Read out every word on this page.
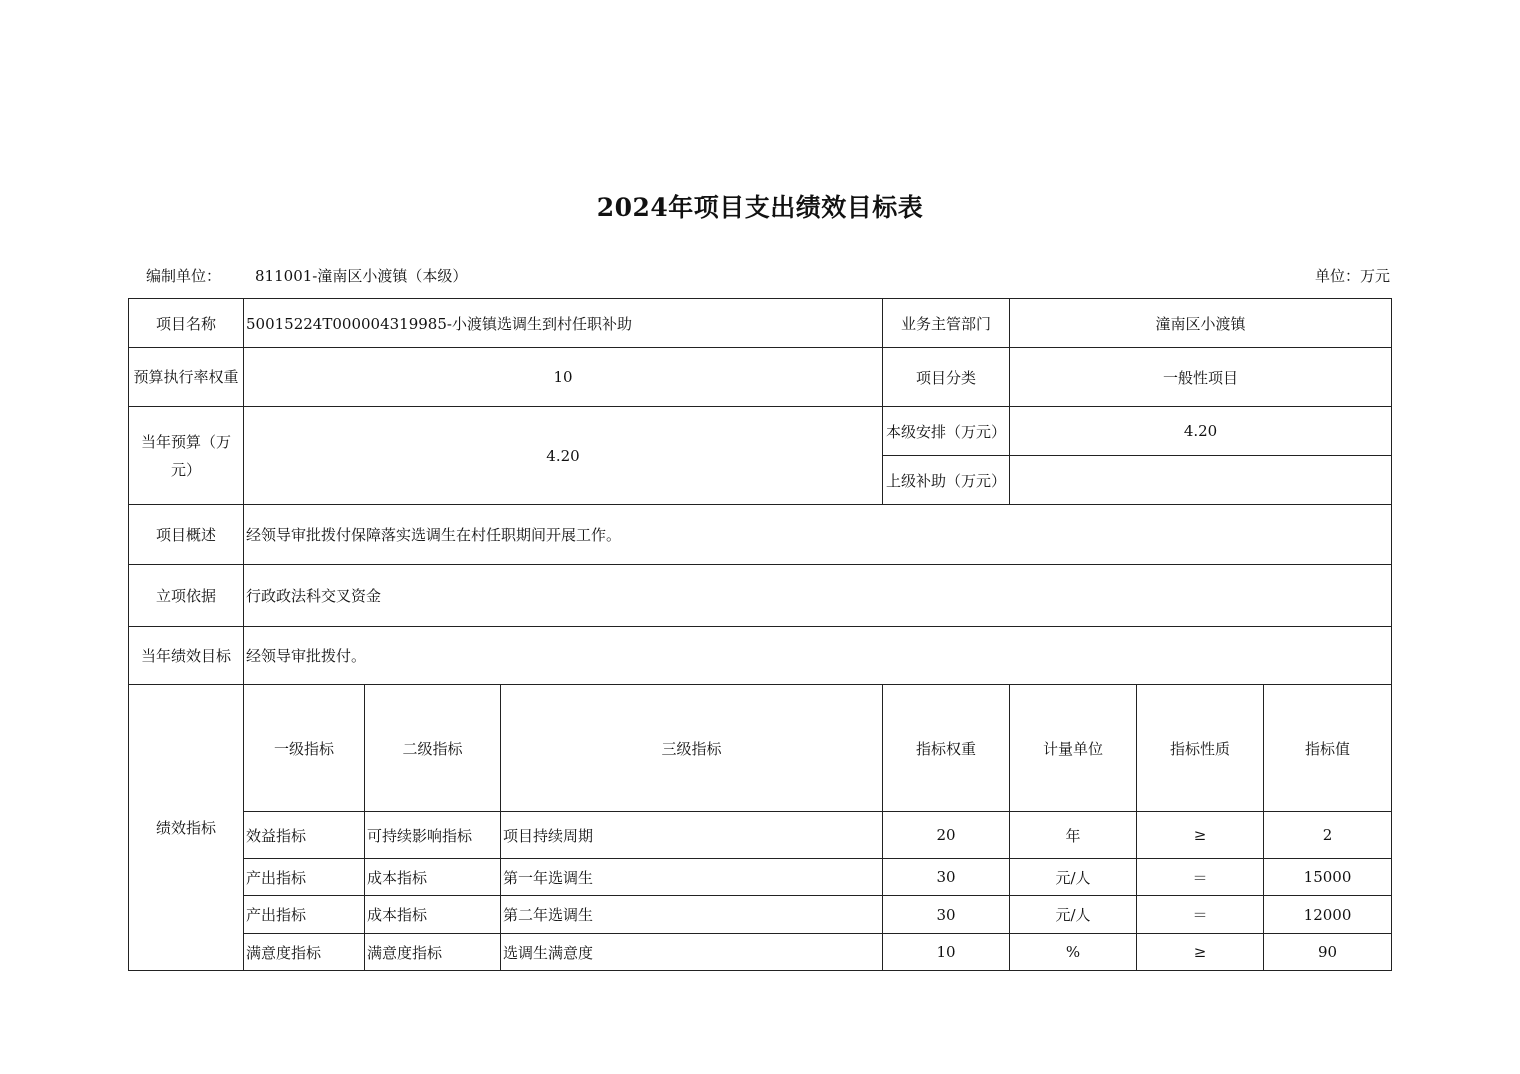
2024年项目支出绩效目标表
编制单位： 811001-潼南区小渡镇（本级）	单位：万元
项目名称	50015224T000004319985-小渡镇选调生到村任职补助			业务主管部门	潼南区小渡镇			
预算执行率权重	10			项目分类	一般性项目			
当年预算（万元）	4.20			本级安排（万元）	4.20			
				上级补助（万元）				
项目概述	经领导审批拨付保障落实选调生在村任职期间开展工作。							
立项依据	行政政法科交叉资金							
当年绩效目标	经领导审批拨付。							
绩效指标	一级指标	二级指标	三级指标	指标权重	计量单位	指标性质	指标值	
	效益指标	可持续影响指标	项目持续周期	20	年	≥	2	
	产出指标	成本指标	第一年选调生	30	元/人	＝	15000	
	产出指标	成本指标	第二年选调生	30	元/人	＝	12000	
	满意度指标	满意度指标	选调生满意度	10	%	≥	90	
